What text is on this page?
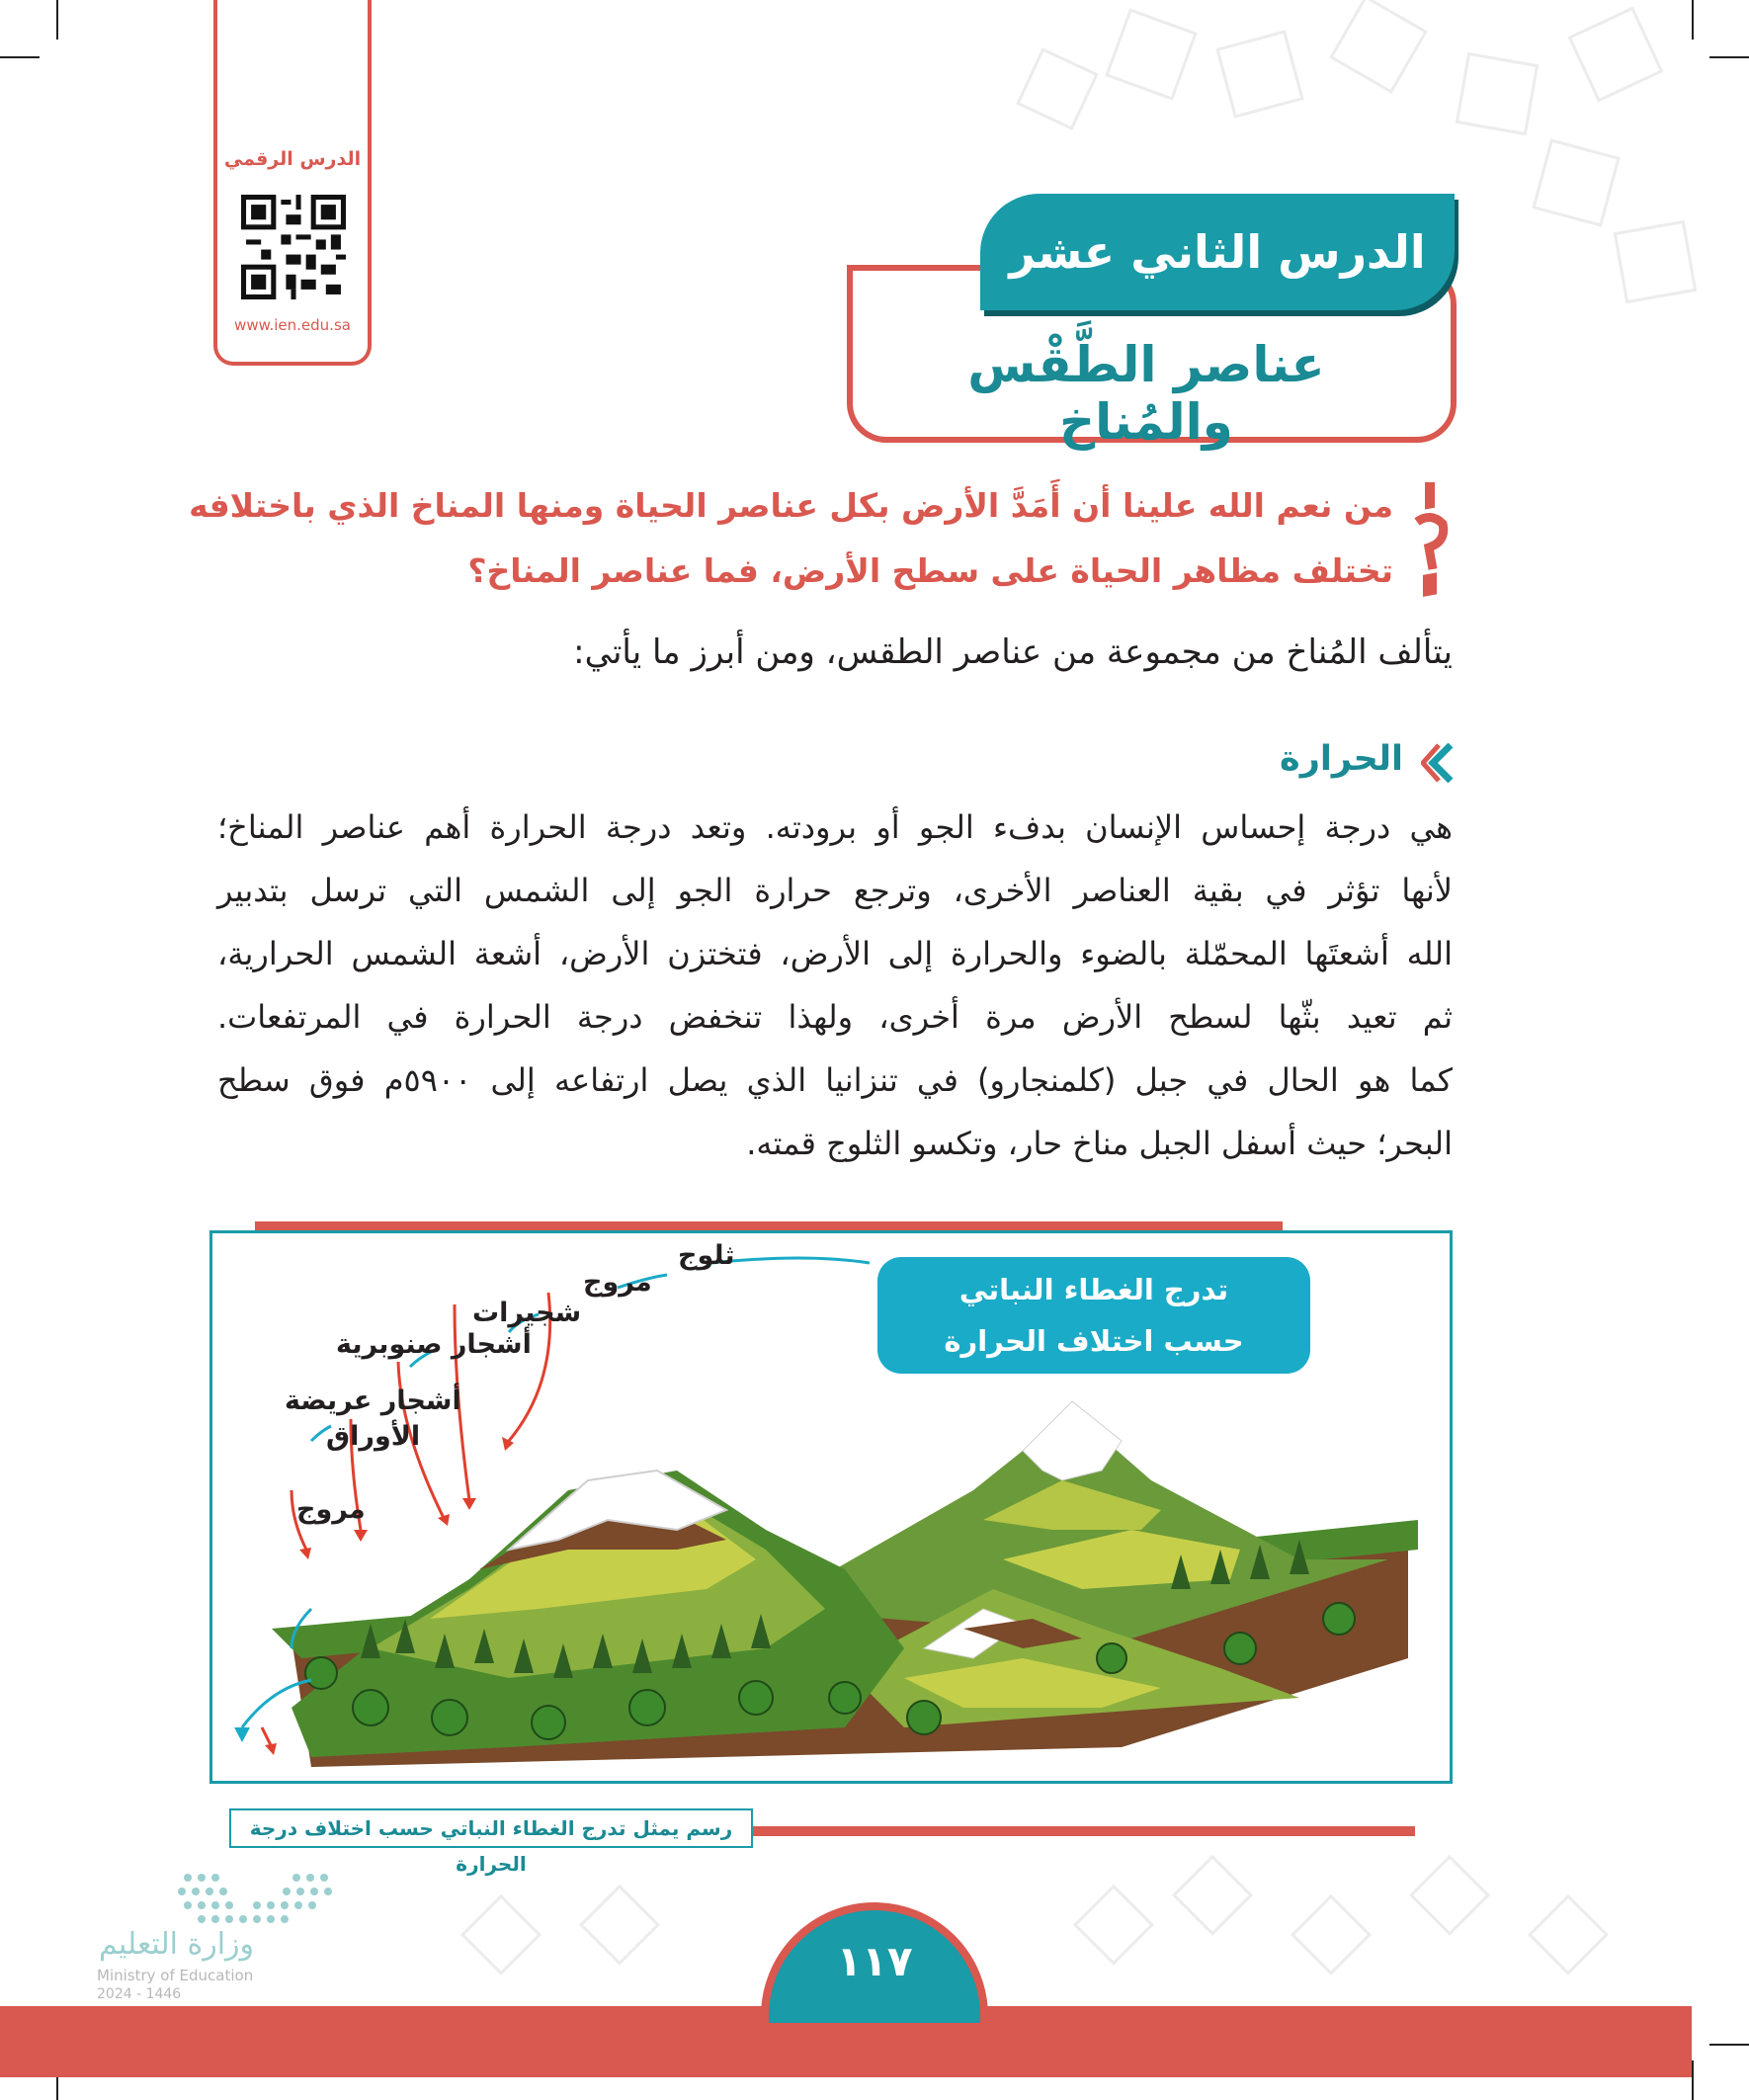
الدرس الرقمي
www.ien.edu.sa
الدرس الثاني عشر
عناصر الطَّقْس والمُناخ
من نعم الله علينا أن أَمَدَّ الأرض بكل عناصر الحياة ومنها المناخ الذي باختلافه
تختلف مظاهر الحياة على سطح الأرض، فما عناصر المناخ؟
يتألف المُناخ من مجموعة من عناصر الطقس، ومن أبرز ما يأتي:
الحرارة
هي درجة إحساس الإنسان بدفء الجو أو برودته. وتعد درجة الحرارة أهم عناصر المناخ؛
لأنها تؤثر في بقية العناصر الأخرى، وترجع حرارة الجو إلى الشمس التي ترسل بتدبير
الله أشعتَها المحمّلة بالضوء والحرارة إلى الأرض، فتختزن الأرض، أشعة الشمس الحرارية،
ثم تعيد بثّها لسطح الأرض مرة أخرى، ولهذا تنخفض درجة الحرارة في المرتفعات.
كما هو الحال في جبل (كلمنجارو) في تنزانيا الذي يصل ارتفاعه إلى ٥٩٠٠م فوق سطح
البحر؛ حيث أسفل الجبل مناخ حار، وتكسو الثلوج قمته.
تدرج الغطاء النباتي
حسب اختلاف الحرارة
ثلوج
مروج
شجيرات
أشجار صنوبرية
أشجار عريضة
الأوراق
مروج
رسم يمثل تدرج الغطاء النباتي حسب اختلاف درجة الحرارة
وزارة التعليم
Ministry of Education
2024 - 1446
١١٧
